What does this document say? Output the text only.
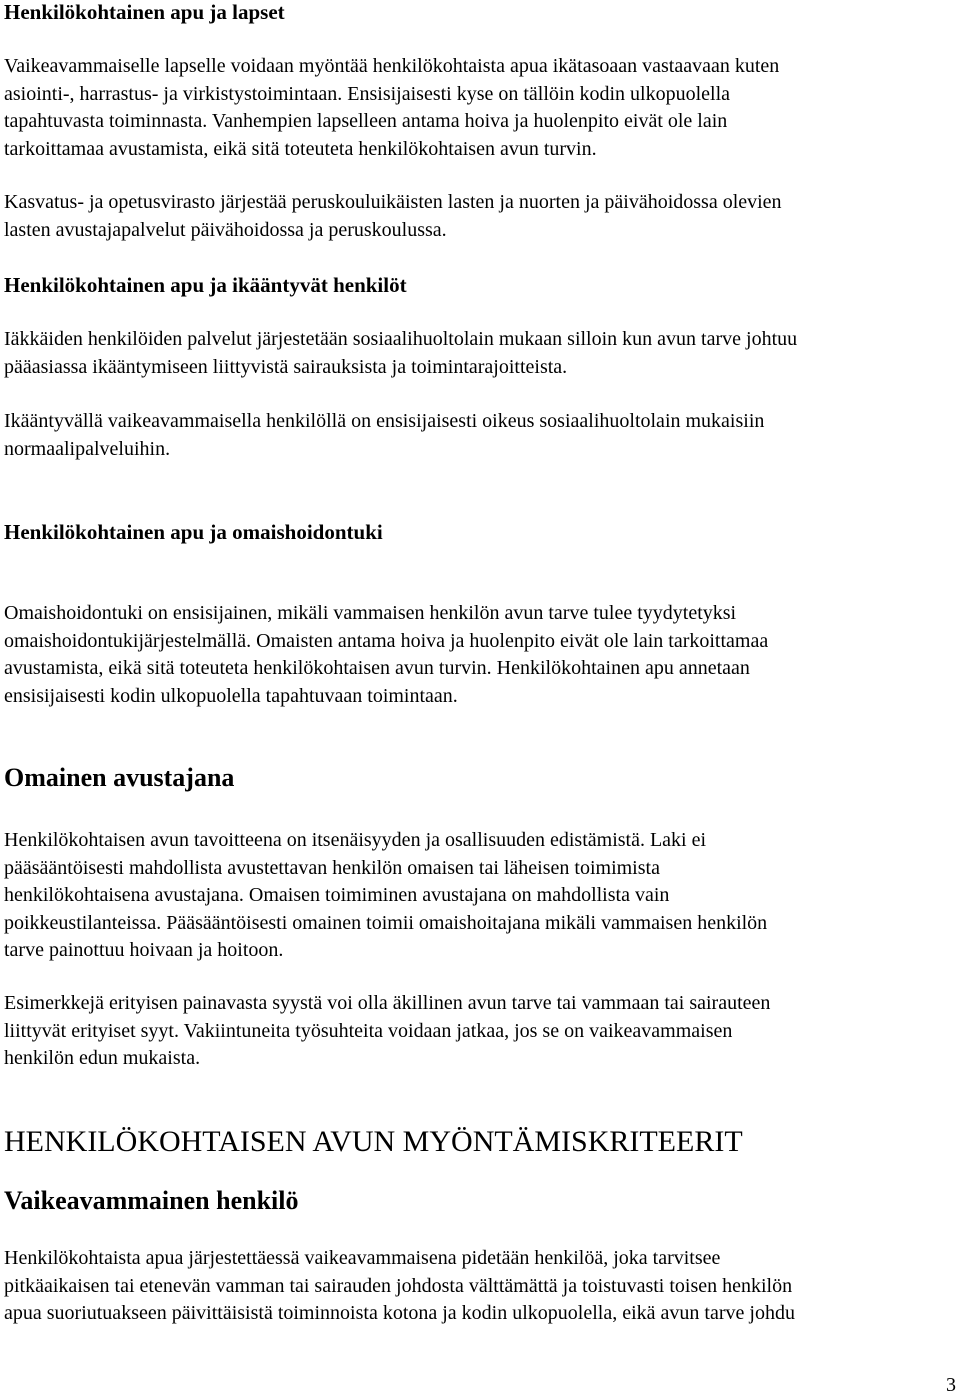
Henkilökohtainen apu ja lapset
Vaikeavammaiselle lapselle voidaan myöntää henkilökohtaista apua ikätasoaan vastaavaan kuten
asiointi-, harrastus- ja virkistystoimintaan. Ensisijaisesti kyse on tällöin kodin ulkopuolella
tapahtuvasta toiminnasta. Vanhempien lapselleen antama hoiva ja huolenpito eivät ole lain
tarkoittamaa avustamista, eikä sitä toteuteta henkilökohtaisen avun turvin.
Kasvatus- ja opetusvirasto järjestää peruskouluikäisten lasten ja nuorten ja päivähoidossa olevien
lasten avustajapalvelut päivähoidossa ja peruskoulussa.
Henkilökohtainen apu ja ikääntyvät henkilöt
Iäkkäiden henkilöiden palvelut järjestetään sosiaalihuoltolain mukaan silloin kun avun tarve johtuu
pääasiassa ikääntymiseen liittyvistä sairauksista ja toimintarajoitteista.
Ikääntyvällä vaikeavammaisella henkilöllä on ensisijaisesti oikeus sosiaalihuoltolain mukaisiin
normaalipalveluihin.
Henkilökohtainen apu ja omaishoidontuki
Omaishoidontuki on ensisijainen, mikäli vammaisen henkilön avun tarve tulee tyydytetyksi
omaishoidontukijärjestelmällä. Omaisten antama hoiva ja huolenpito eivät ole lain tarkoittamaa
avustamista, eikä sitä toteuteta henkilökohtaisen avun turvin. Henkilökohtainen apu annetaan
ensisijaisesti kodin ulkopuolella tapahtuvaan toimintaan.
Omainen avustajana
Henkilökohtaisen avun tavoitteena on itsenäisyyden ja osallisuuden edistämistä. Laki ei
pääsääntöisesti mahdollista avustettavan henkilön omaisen tai läheisen toimimista
henkilökohtaisena avustajana. Omaisen toimiminen avustajana on mahdollista vain
poikkeustilanteissa. Pääsääntöisesti omainen toimii omaishoitajana mikäli vammaisen henkilön
tarve painottuu hoivaan ja hoitoon.
Esimerkkejä erityisen painavasta syystä voi olla äkillinen avun tarve tai vammaan tai sairauteen
liittyvät erityiset syyt. Vakiintuneita työsuhteita voidaan jatkaa, jos se on vaikeavammaisen
henkilön edun mukaista.
HENKILÖKOHTAISEN AVUN MYÖNTÄMISKRITEERIT
Vaikeavammainen henkilö
Henkilökohtaista apua järjestettäessä vaikeavammaisena pidetään henkilöä, joka tarvitsee
pitkäaikaisen tai etenevän vamman tai sairauden johdosta välttämättä ja toistuvasti toisen henkilön
apua suoriutuakseen päivittäisistä toiminnoista kotona ja kodin ulkopuolella, eikä avun tarve johdu
3
